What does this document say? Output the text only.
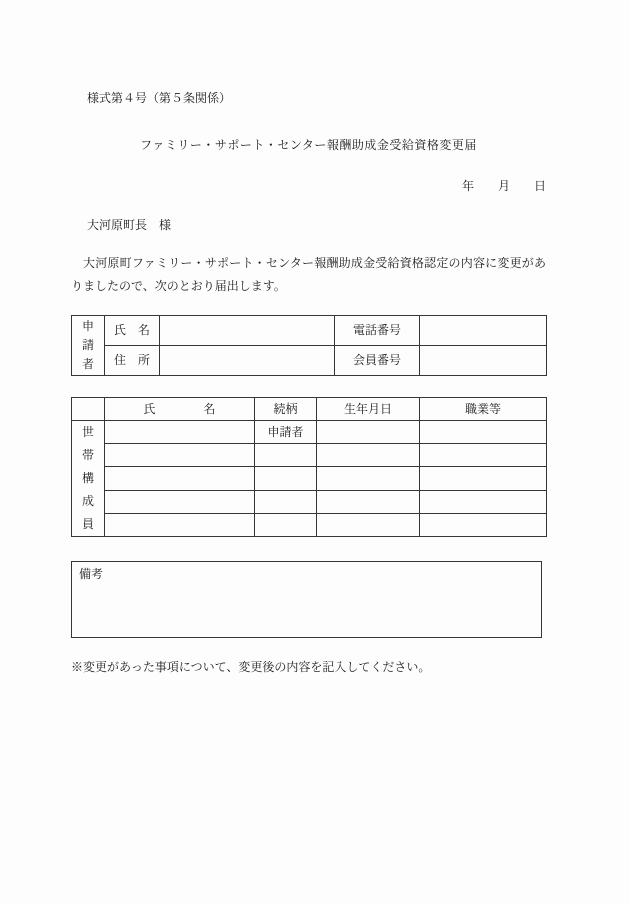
様式第４号（第５条関係）
ファミリー・サポート・センター報酬助成金受給資格変更届
年　　月　　日
大河原町長　様

大河原町ファミリー・サポート・センター報酬助成金受給資格認定の内容に変更がありましたので、次のとおり届出します。

申
請
者	氏　名		電話番号	
	住　所		会員番号	
	氏　　　　名	続柄	生年月日	職業等

世
帯
構
成
員		申請者		

備考
※変更があった事項について、変更後の内容を記入してください。
